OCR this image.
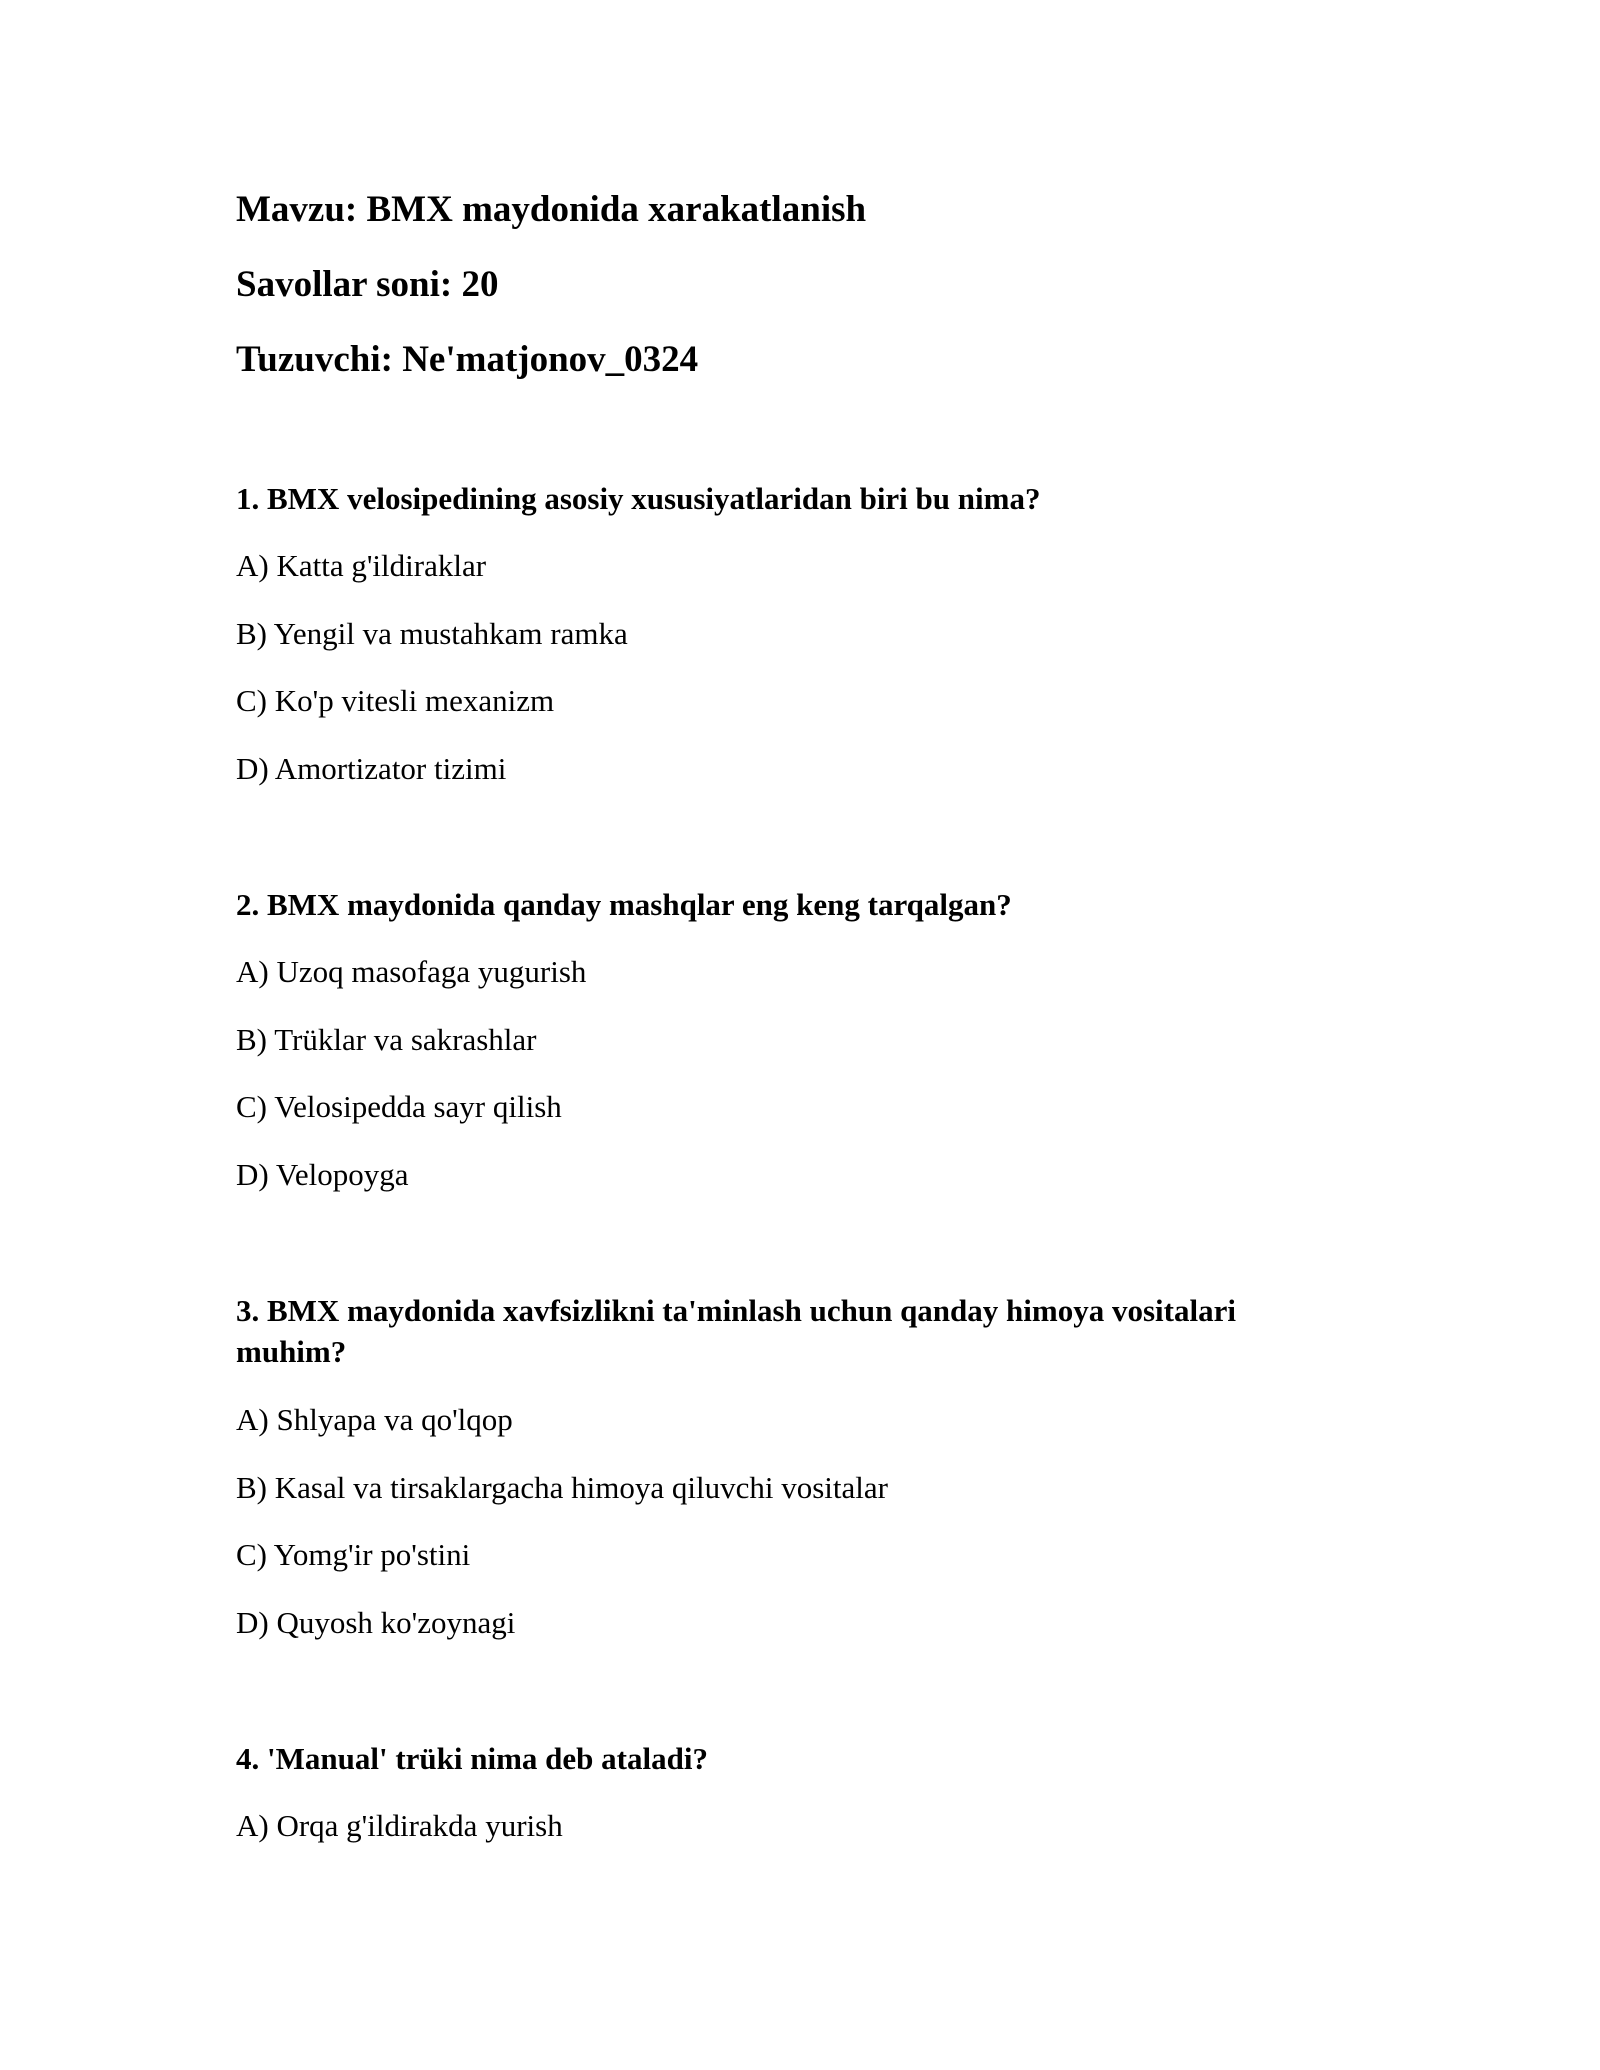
Mavzu: BMX maydonida xarakatlanish
Savollar soni: 20
Tuzuvchi: Ne'matjonov_0324
1. BMX velosipedining asosiy xususiyatlaridan biri bu nima?
A) Katta g'ildiraklar
B) Yengil va mustahkam ramka
C) Ko'p vitesli mexanizm
D) Amortizator tizimi
2. BMX maydonida qanday mashqlar eng keng tarqalgan?
A) Uzoq masofaga yugurish
B) Trüklar va sakrashlar
C) Velosipedda sayr qilish
D) Velopoyga
3. BMX maydonida xavfsizlikni ta'minlash uchun qanday himoya vositalari muhim?
A) Shlyapa va qo'lqop
B) Kasal va tirsaklargacha himoya qiluvchi vositalar
C) Yomg'ir po'stini
D) Quyosh ko'zoynagi
4. 'Manual' trüki nima deb ataladi?
A) Orqa g'ildirakda yurish
